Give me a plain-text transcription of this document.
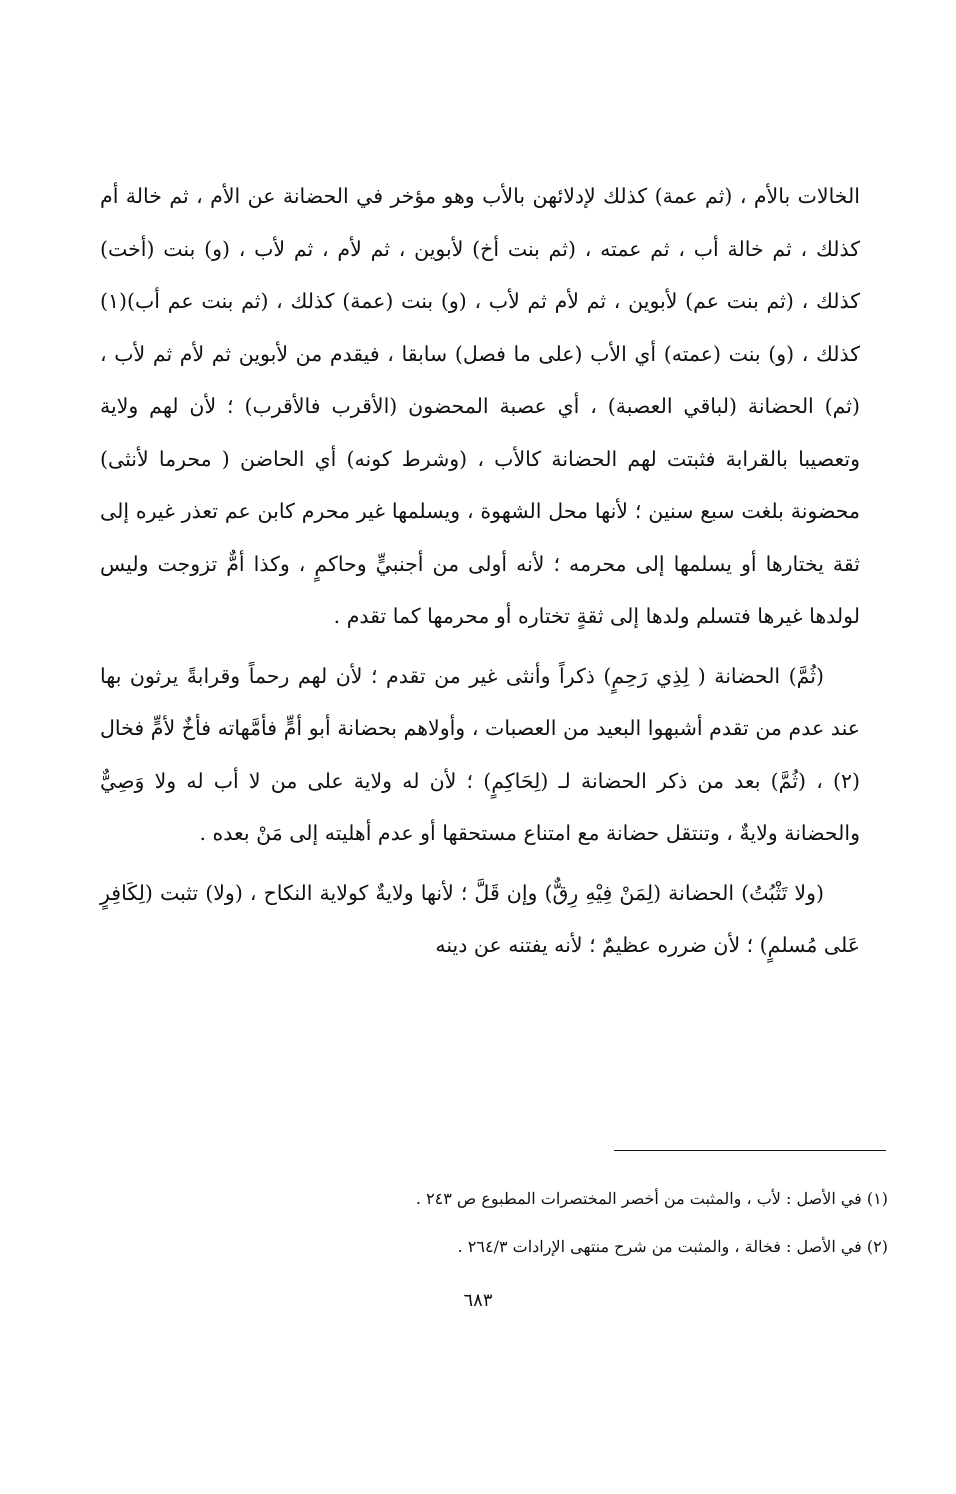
الخالات بالأم ، (ثم عمة) كذلك لإدلائهن بالأب وهو مؤخر في الحضانة عن الأم ، ثم خالة أم كذلك ، ثم خالة أب ، ثم عمته ، (ثم بنت أخ) لأبوين ، ثم لأم ، ثم لأب ، (و) بنت (أخت) كذلك ، (ثم بنت عم) لأبوين ، ثم لأم ثم لأب ، (و) بنت (عمة) كذلك ، (ثم بنت عم أب)(١) كذلك ، (و) بنت (عمته) أي الأب (على ما فصل) سابقا ، فيقدم من لأبوين ثم لأم ثم لأب ، (ثم) الحضانة (لباقي العصبة) ، أي عصبة المحضون (الأقرب فالأقرب) ؛ لأن لهم ولاية وتعصيبا بالقرابة فثبتت لهم الحضانة كالأب ، (وشرط كونه) أي الحاضن ( محرما لأنثى) محضونة بلغت سبع سنين ؛ لأنها محل الشهوة ، ويسلمها غير محرم كابن عم تعذر غيره إلى ثقة يختارها أو يسلمها إلى محرمه ؛ لأنه أولى من أجنبيٍّ وحاكمٍ ، وكذا أمٌّ تزوجت وليس لولدها غيرها فتسلم ولدها إلى ثقةٍ تختاره أو محرمها كما تقدم .

(ثُمَّ) الحضانة ( لِذِي رَحِمٍ) ذكراً وأنثى غير من تقدم ؛ لأن لهم رحماً وقرابةً يرثون بها عند عدم من تقدم أشبهوا البعيد من العصبات ، وأولاهم بحضانة أبو أمٍّ فأمَّهاته فأخٌ لأمٍّ فخال (٢) ، (ثُمَّ) بعد من ذكر الحضانة لـ (لِحَاكِمٍ) ؛ لأن له ولاية على من لا أب له ولا وَصِيٌّ والحضانة ولايةٌ ، وتنتقل حضانة مع امتناع مستحقها أو عدم أهليته إلى مَنْ بعده .

(ولا تَثْبُتُ) الحضانة (لِمَنْ فِيْهِ رِقٌّ) وإن قَلَّ ؛ لأنها ولايةٌ كولاية النكاح ، (ولا) تثبت (لِكَافِرٍ عَلى مُسلمٍ) ؛ لأن ضرره عظيمٌ ؛ لأنه يفتنه عن دينه

(١) في الأصل : لأب ، والمثبت من أخصر المختصرات المطبوع ص ٢٤٣ .

(٢) في الأصل : فخالة ، والمثبت من شرح منتهى الإرادات ٢٦٤/٣ .

٦٨٣
